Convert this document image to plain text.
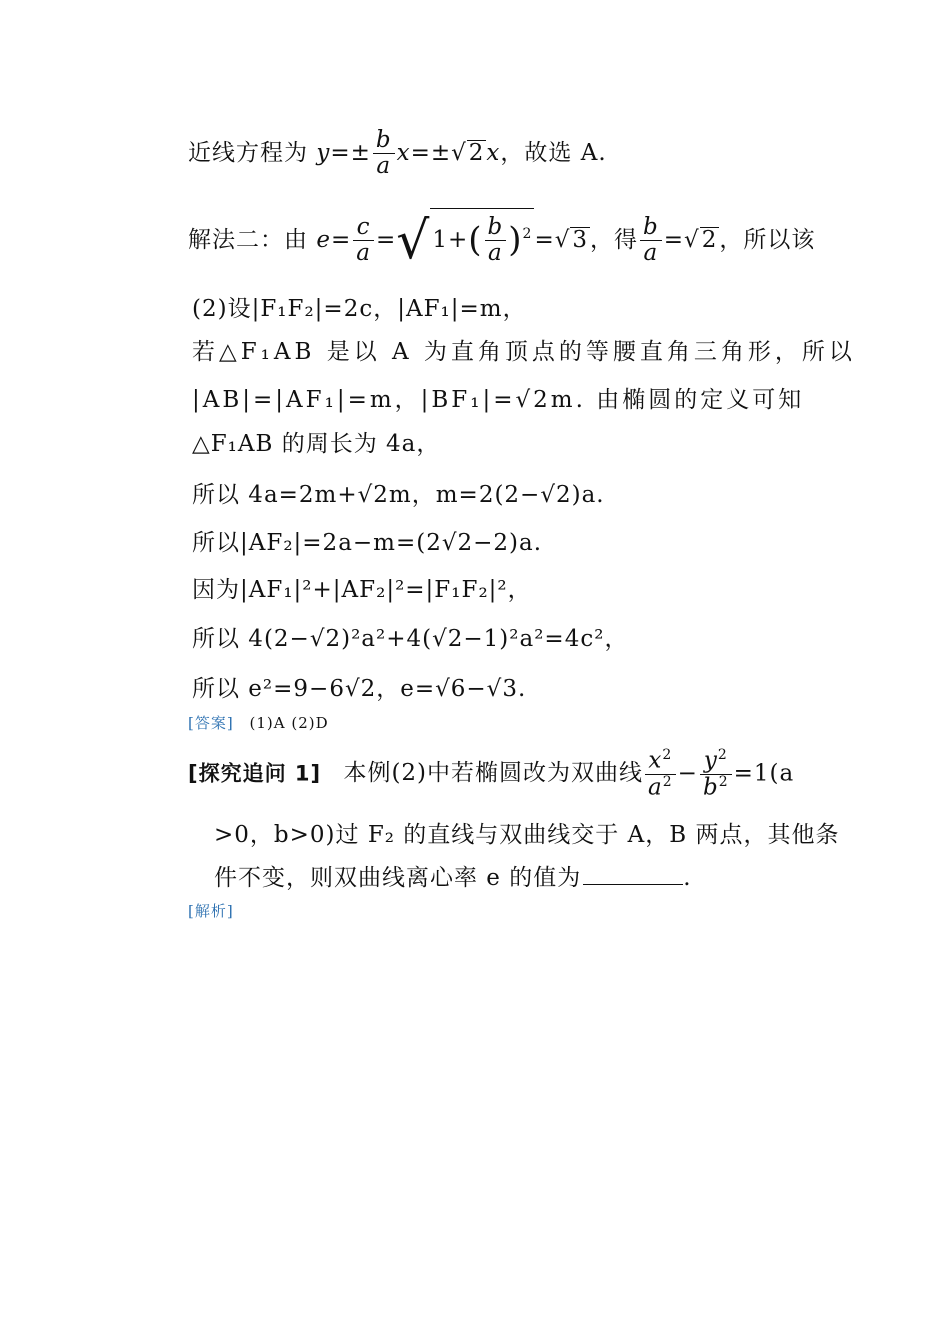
近线方程为 $y=\pm \frac{b}{a} x=\pm√2x$，故选 A.
解法二：由 $e= \frac{c}{a} =√1+( \frac{b}{a} )^2=√3$，得 $\frac{b}{a} =√2$，所以该
(2)设|F₁F₂|=2c，|AF₁|=m，
若△F₁AB 是以 A 为直角顶点的等腰直角三角形，所以
|AB|=|AF₁|=m，|BF₁|=√2m. 由椭圆的定义可知
△F₁AB 的周长为 4a，
所以 4a=2m+√2m，m=2(2−√2)a.
所以|AF₂|=2a−m=(2√2−2)a.
因为|AF₁|²+|AF₂|²=|F₁F₂|²，
所以 4(2−√2)²a²+4(√2−1)²a²=4c²，
所以 e²=9−6√2，e=√6−√3.
[答案] (1)A (2)D
[探究追问 1] 本例(2)中若椭圆改为双曲线 $\frac{x^2}{a^2} - \frac{y^2}{b^2} =1(a$
>0，b>0)过 F₂ 的直线与双曲线交于 A，B 两点，其他条
件不变，则双曲线离心率 e 的值为	.
[解析]
